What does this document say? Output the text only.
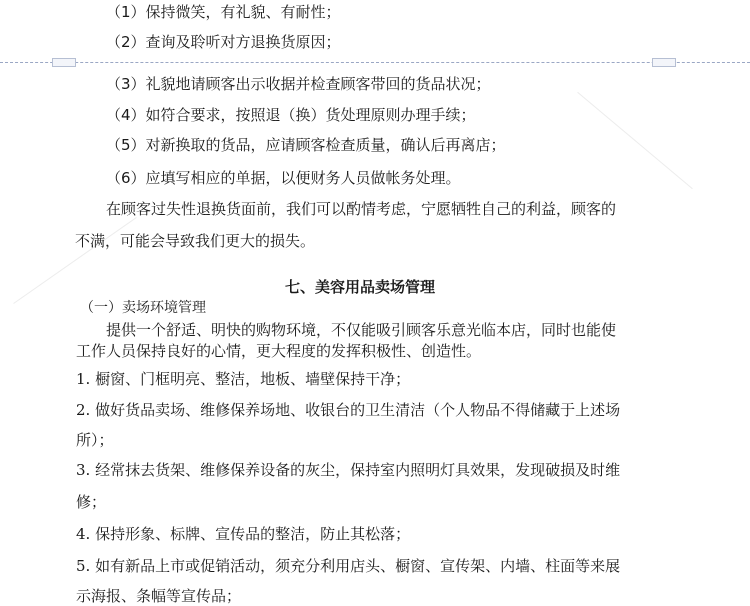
（1）保持微笑，有礼貌、有耐性；
（2）查询及聆听对方退换货原因；
（3）礼貌地请顾客出示收据并检查顾客带回的货品状况；
（4）如符合要求，按照退（换）货处理原则办理手续；
（5）对新换取的货品，应请顾客检查质量，确认后再离店；
（6）应填写相应的单据，以便财务人员做帐务处理。
在顾客过失性退换货面前，我们可以酌情考虑，宁愿牺牲自己的利益，顾客的
不满，可能会导致我们更大的损失。
七、美容用品卖场管理
（一）卖场环境管理
提供一个舒适、明快的购物环境，不仅能吸引顾客乐意光临本店，同时也能使
工作人员保持良好的心情，更大程度的发挥积极性、创造性。
1. 橱窗、门框明亮、整洁，地板、墙壁保持干净；
2. 做好货品卖场、维修保养场地、收银台的卫生清洁（个人物品不得储藏于上述场
所）；
3. 经常抹去货架、维修保养设备的灰尘，保持室内照明灯具效果，发现破损及时维
修；
4. 保持形象、标牌、宣传品的整洁，防止其松落；
5. 如有新品上市或促销活动，须充分利用店头、橱窗、宣传架、内墙、柱面等来展
示海报、条幅等宣传品；
